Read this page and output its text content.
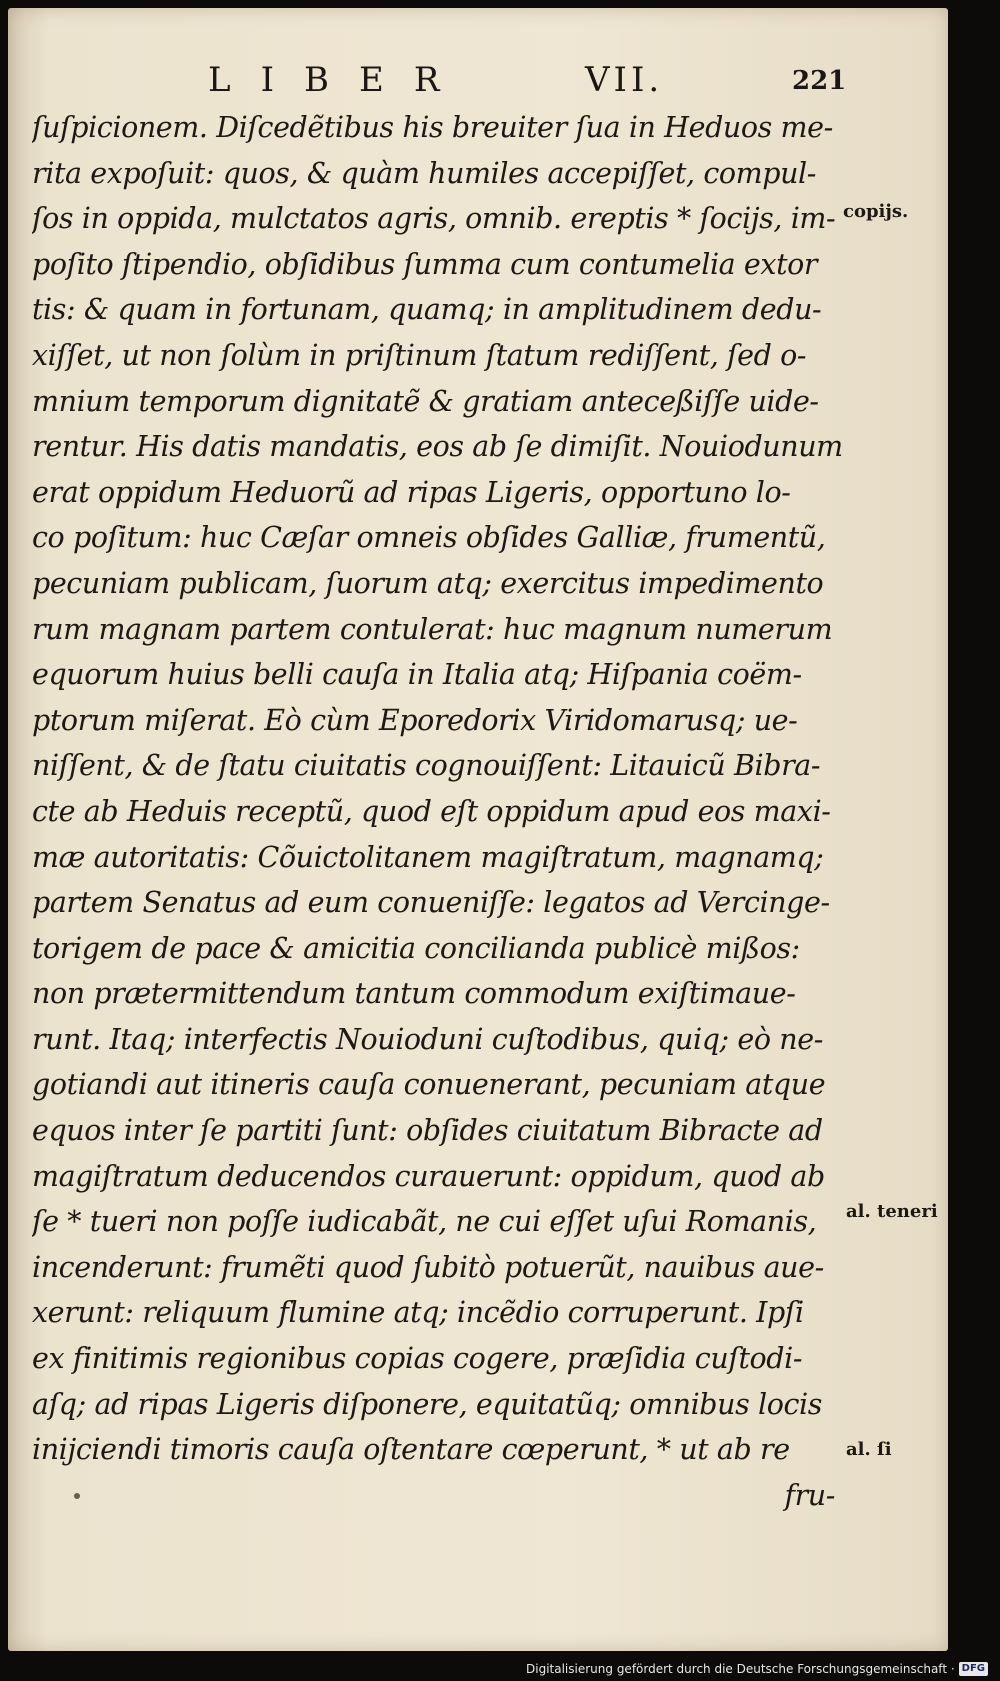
LIBER	VII.	221
ſuſpicionem. Diſcedẽtibus his breuiter ſua in Heduos me-
rita expoſuit: quos, & quàm humiles accepiſſet, compul-
ſos in oppida, mulctatos agris, omnib. ereptis * ſocijs, im-
poſito ſtipendio, obſidibus ſumma cum contumelia extor
tis: & quam in fortunam, quamq; in amplitudinem dedu-
xiſſet, ut non ſolùm in priſtinum ſtatum rediſſent, ſed o-
mnium temporum dignitatẽ & gratiam anteceßiſſe uide-
rentur. His datis mandatis, eos ab ſe dimiſit. Nouiodunum
erat oppidum Heduorũ ad ripas Ligeris, opportuno lo-
co poſitum: huc Cæſar omneis obſides Galliæ, frumentũ,
pecuniam publicam, ſuorum atq; exercitus impedimento
rum magnam partem contulerat: huc magnum numerum
equorum huius belli cauſa in Italia atq; Hiſpania coëm-
ptorum miſerat. Eò cùm Eporedorix Viridomarusq; ue-
niſſent, & de ſtatu ciuitatis cognouiſſent: Litauicũ Bibra-
cte ab Heduis receptũ, quod eſt oppidum apud eos maxi-
mæ autoritatis: Cõuictolitanem magiſtratum, magnamq;
partem Senatus ad eum conueniſſe: legatos ad Vercinge-
torigem de pace & amicitia concilianda publicè mißos:
non prætermittendum tantum commodum exiſtimaue-
runt. Itaq; interfectis Nouioduni cuſtodibus, quiq; eò ne-
gotiandi aut itineris cauſa conuenerant, pecuniam atque
equos inter ſe partiti ſunt: obſides ciuitatum Bibracte ad
magiſtratum deducendos curauerunt: oppidum, quod ab
ſe * tueri non poſſe iudicabãt, ne cui eſſet uſui Romanis,
incenderunt: frumẽti quod ſubitò potuerũt, nauibus aue-
xerunt: reliquum flumine atq; incẽdio corruperunt. Ipſi
ex finitimis regionibus copias cogere, præſidia cuſtodi-
aſq; ad ripas Ligeris diſponere, equitatũq; omnibus locis
inijciendi timoris cauſa oſtentare cœperunt, * ut ab re
fru-
copijs.
al. teneri
al. ſi
Digitalisierung gefördert durch die Deutsche Forschungsgemeinschaft · DFG
